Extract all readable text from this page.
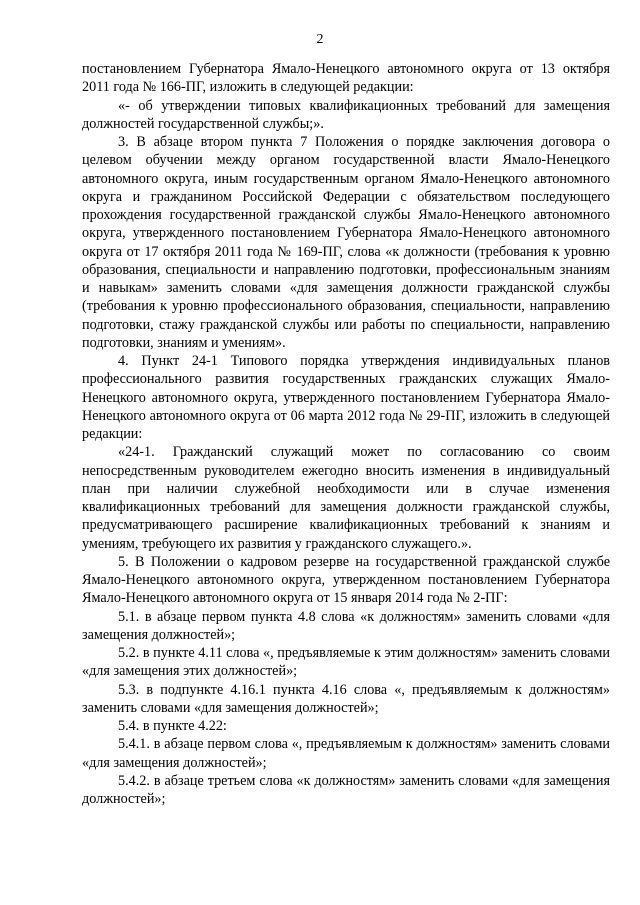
2

постановлением Губернатора Ямало-Ненецкого автономного округа от 13 октября 2011 года № 166-ПГ, изложить в следующей редакции:

«- об утверждении типовых квалификационных требований для замещения должностей государственной службы;».

3. В абзаце втором пункта 7 Положения о порядке заключения договора о целевом обучении между органом государственной власти Ямало-Ненецкого автономного округа, иным государственным органом Ямало-Ненецкого автономного округа и гражданином Российской Федерации с обязательством последующего прохождения государственной гражданской службы Ямало-Ненецкого автономного округа, утвержденного постановлением Губернатора Ямало-Ненецкого автономного округа от 17 октября 2011 года № 169-ПГ, слова «к должности (требования к уровню образования, специальности и направлению подготовки, профессиональным знаниям и навыкам» заменить словами «для замещения должности гражданской службы (требования к уровню профессионального образования, специальности, направлению подготовки, стажу гражданской службы или работы по специальности, направлению подготовки, знаниям и умениям».

4. Пункт 24-1 Типового порядка утверждения индивидуальных планов профессионального развития государственных гражданских служащих Ямало-Ненецкого автономного округа, утвержденного постановлением Губернатора Ямало-Ненецкого автономного округа от 06 марта 2012 года № 29-ПГ, изложить в следующей редакции:

«24-1. Гражданский служащий может по согласованию со своим непосредственным руководителем ежегодно вносить изменения в индивидуальный план при наличии служебной необходимости или в случае изменения квалификационных требований для замещения должности гражданской службы, предусматривающего расширение квалификационных требований к знаниям и умениям, требующего их развития у гражданского служащего.».

5. В Положении о кадровом резерве на государственной гражданской службе Ямало-Ненецкого автономного округа, утвержденном постановлением Губернатора Ямало-Ненецкого автономного округа от 15 января 2014 года № 2-ПГ:

5.1. в абзаце первом пункта 4.8 слова «к должностям» заменить словами «для замещения должностей»;

5.2. в пункте 4.11 слова «, предъявляемые к этим должностям» заменить словами «для замещения этих должностей»;

5.3. в подпункте 4.16.1 пункта 4.16 слова «, предъявляемым к должностям» заменить словами «для замещения должностей»;

5.4. в пункте 4.22:

5.4.1. в абзаце первом слова «, предъявляемым к должностям» заменить словами «для замещения должностей»;

5.4.2. в абзаце третьем слова «к должностям» заменить словами «для замещения должностей»;
